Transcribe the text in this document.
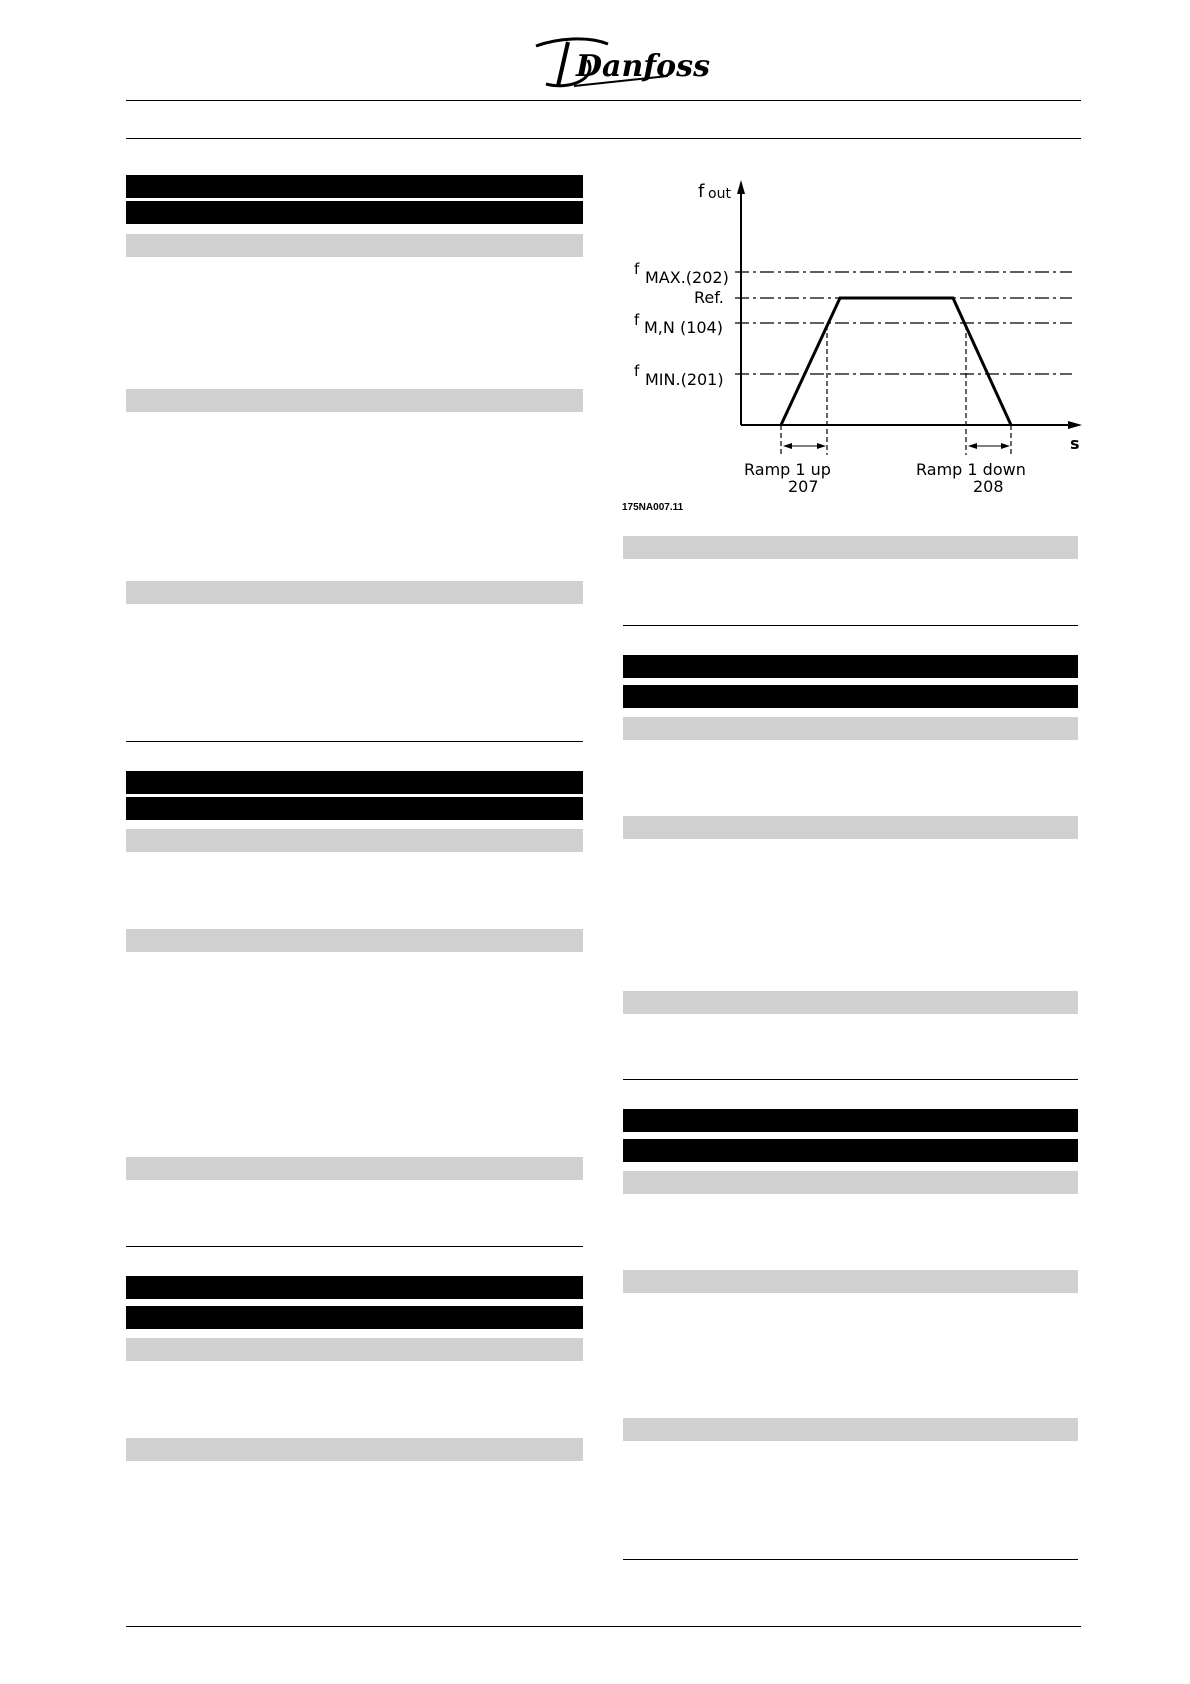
Danfoss
f out
s
f MAX.(202)
Ref.
f M,N (104)
f MIN.(201)
Ramp 1 up
207
Ramp 1 down
208
175NA007.11
